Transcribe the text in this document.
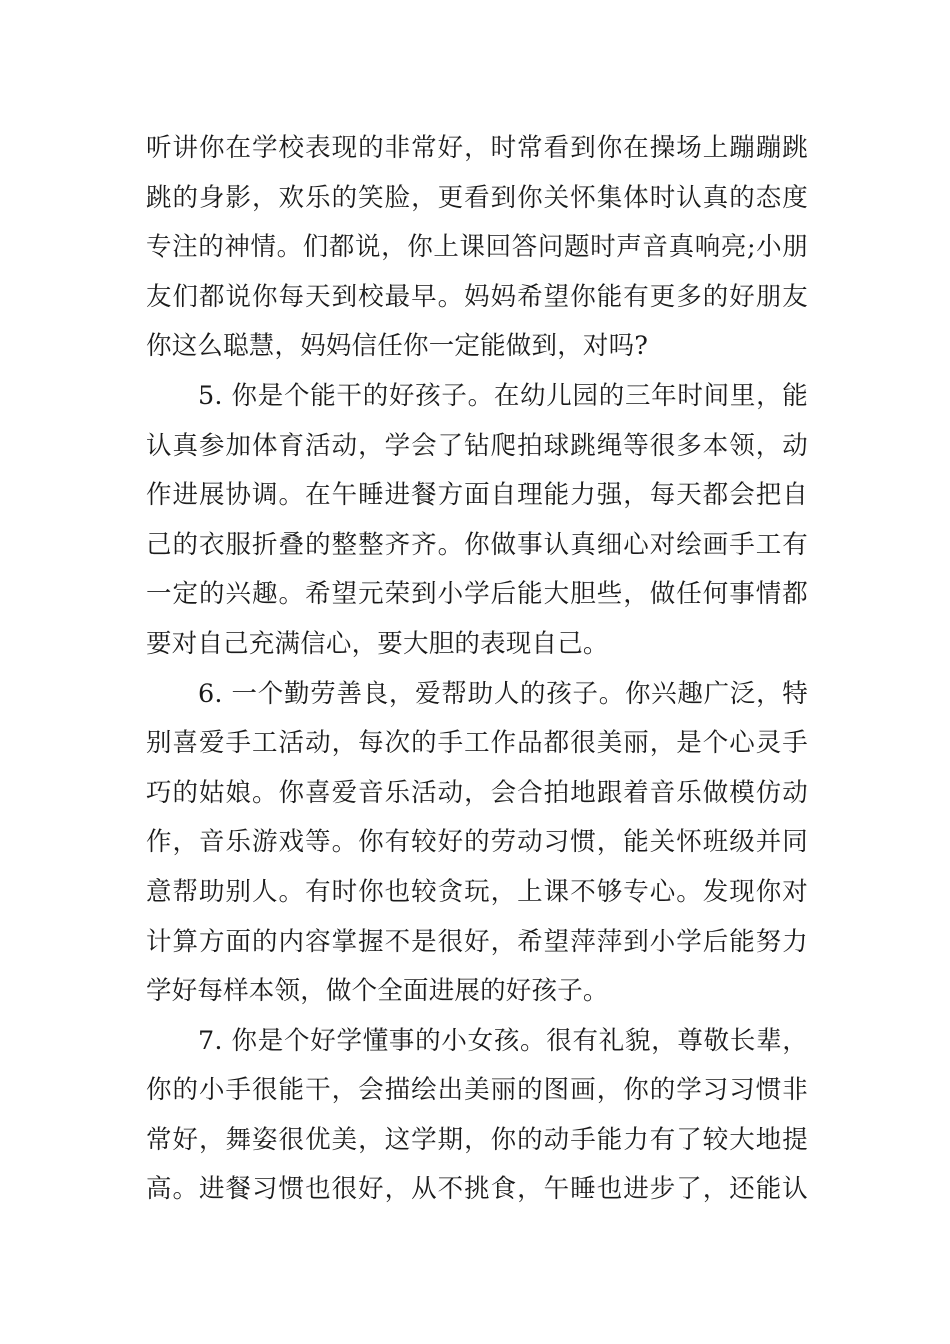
听讲你在学校表现的非常好，时常看到你在操场上蹦蹦跳
跳的身影，欢乐的笑脸，更看到你关怀集体时认真的态度
专注的神情。们都说，你上课回答问题时声音真响亮;小朋
友们都说你每天到校最早。妈妈希望你能有更多的好朋友
你这么聪慧，妈妈信任你一定能做到，对吗?
5. 你是个能干的好孩子。在幼儿园的三年时间里，能
认真参加体育活动，学会了钻爬拍球跳绳等很多本领，动
作进展协调。在午睡进餐方面自理能力强，每天都会把自
己的衣服折叠的整整齐齐。你做事认真细心对绘画手工有
一定的兴趣。希望元荣到小学后能大胆些，做任何事情都
要对自己充满信心，要大胆的表现自己。
6. 一个勤劳善良，爱帮助人的孩子。你兴趣广泛，特
别喜爱手工活动，每次的手工作品都很美丽，是个心灵手
巧的姑娘。你喜爱音乐活动，会合拍地跟着音乐做模仿动
作，音乐游戏等。你有较好的劳动习惯，能关怀班级并同
意帮助别人。有时你也较贪玩，上课不够专心。发现你对
计算方面的内容掌握不是很好，希望萍萍到小学后能努力
学好每样本领，做个全面进展的好孩子。
7. 你是个好学懂事的小女孩。很有礼貌，尊敬长辈，
你的小手很能干，会描绘出美丽的图画，你的学习习惯非
常好，舞姿很优美，这学期，你的动手能力有了较大地提
高。进餐习惯也很好，从不挑食，午睡也进步了，还能认
